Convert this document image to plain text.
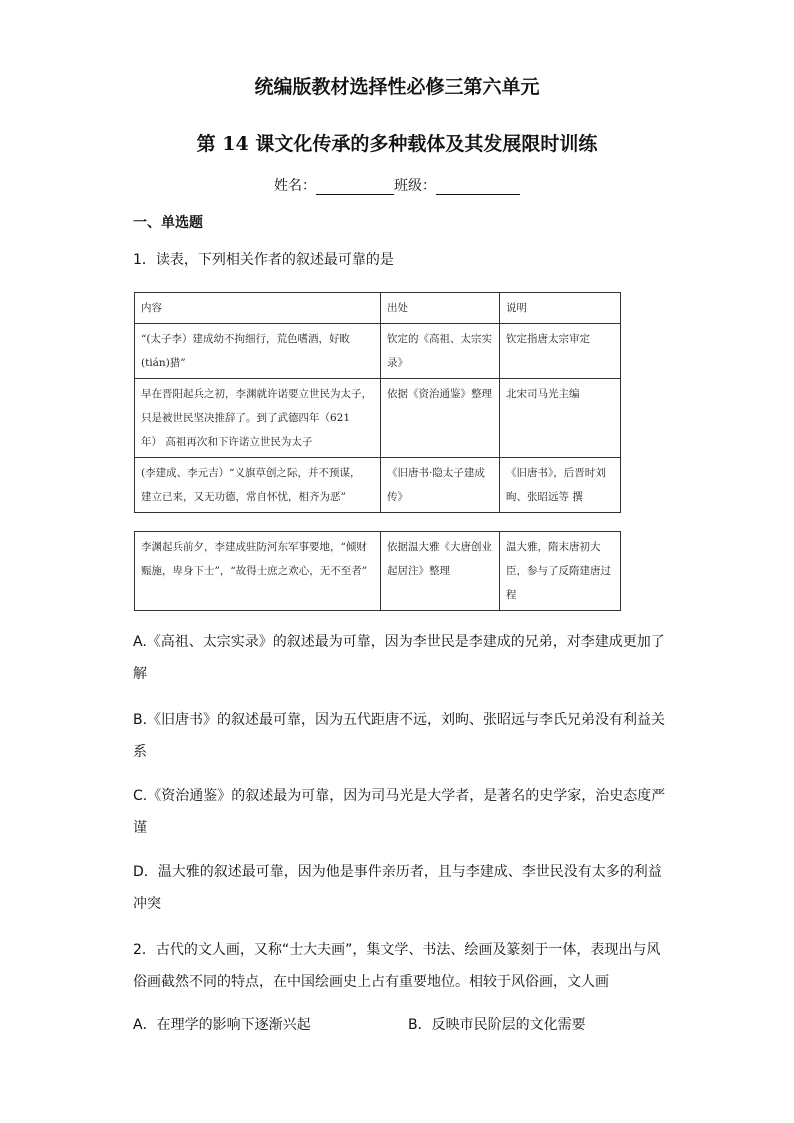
统编版教材选择性必修三第六单元
第 14 课文化传承的多种载体及其发展限时训练
姓名：	班级：
一、单选题
1．读表，下列相关作者的叙述最可靠的是
内容	出处	说明
“(太子李）建成幼不拘细行，荒色嗜酒，好畋(tián)猎”	钦定的《高祖、太宗实录》	钦定指唐太宗审定
早在晋阳起兵之初，李渊就许诺要立世民为太子， 只是被世民坚决推辞了。到了武德四年（621 年） 高祖再次和下许诺立世民为太子	依据《资治通鉴》整理	北宋司马光主编
(李建成、李元吉）“义旗草创之际，并不预谋， 建立已来，又无功德，常自怀忧，相齐为恶”	《旧唐书·隐太子建成传》	《旧唐书》，后晋时刘昫、张昭远等 撰
李渊起兵前夕，李建成驻防河东军事要地，“倾财赈施，卑身下士”，“故得士庶之欢心，无不至者”	依据温大雅《大唐创业起居注》整理	温大雅，隋末唐初大臣，参与了反隋建唐过程
A.《高祖、太宗实录》的叙述最为可靠，因为李世民是李建成的兄弟，对李建成更加了解
B.《旧唐书》的叙述最可靠，因为五代距唐不远，刘昫、张昭远与李氏兄弟没有利益关系
C.《资治通鉴》的叙述最为可靠，因为司马光是大学者，是著名的史学家，治史态度严谨
D．温大雅的叙述最可靠，因为他是事件亲历者，且与李建成、李世民没有太多的利益冲突
2．古代的文人画，又称“士大夫画”，集文学、书法、绘画及篆刻于一体，表现出与风俗画截然不同的特点，在中国绘画史上占有重要地位。相较于风俗画，文人画
A．在理学的影响下逐渐兴起	B．反映市民阶层的文化需要
